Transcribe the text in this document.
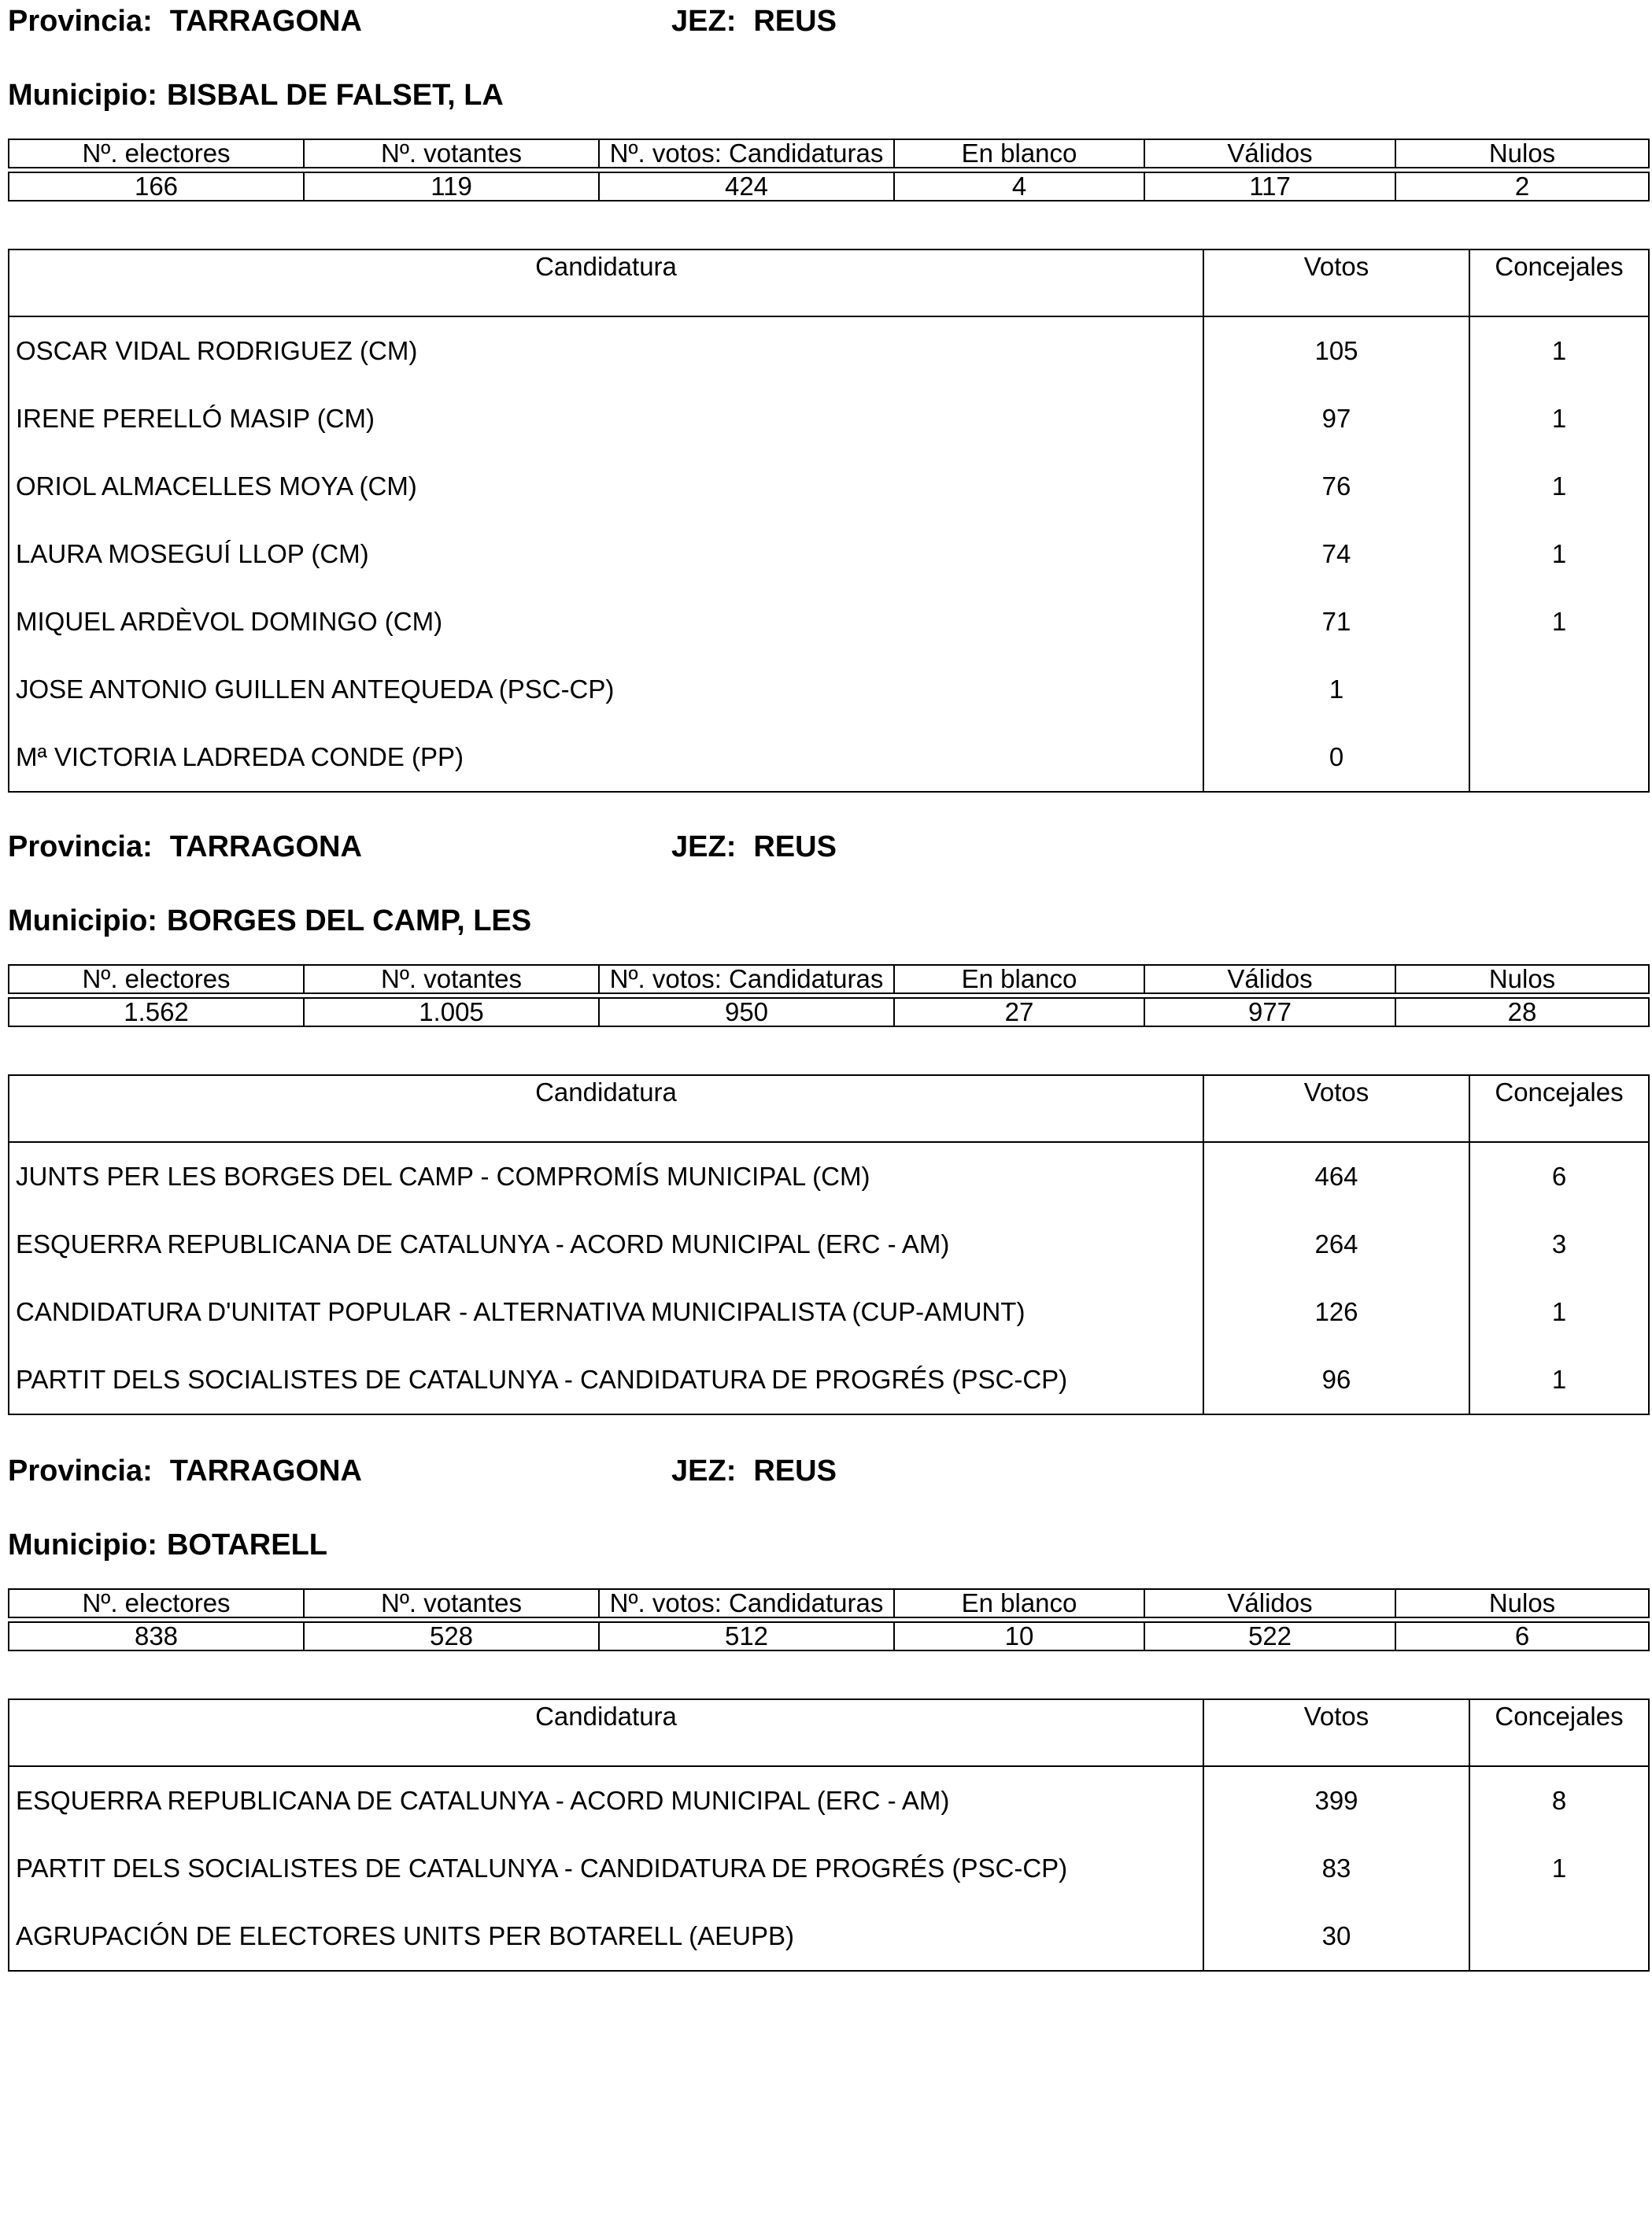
Provincia: TARRAGONA	JEZ: REUS
Municipio: BISBAL DE FALSET, LA
Nº. electores	Nº. votantes	Nº. votos: Candidaturas	En blanco	Válidos	Nulos

166	119	424	4	117	2
Candidatura	Votos	Concejales
OSCAR VIDAL RODRIGUEZ (CM)	105	1
IRENE PERELLÓ MASIP (CM)	97	1
ORIOL ALMACELLES MOYA (CM)	76	1
LAURA MOSEGUÍ LLOP (CM)	74	1
MIQUEL ARDÈVOL DOMINGO (CM)	71	1
JOSE ANTONIO GUILLEN ANTEQUEDA (PSC-CP)	1	
Mª VICTORIA LADREDA CONDE (PP)	0	
Provincia: TARRAGONA	JEZ: REUS
Municipio: BORGES DEL CAMP, LES
Nº. electores	Nº. votantes	Nº. votos: Candidaturas	En blanco	Válidos	Nulos

1.562	1.005	950	27	977	28
Candidatura	Votos	Concejales
JUNTS PER LES BORGES DEL CAMP - COMPROMÍS MUNICIPAL (CM)	464	6
ESQUERRA REPUBLICANA DE CATALUNYA - ACORD MUNICIPAL (ERC - AM)	264	3
CANDIDATURA D'UNITAT POPULAR - ALTERNATIVA MUNICIPALISTA (CUP-AMUNT)	126	1
PARTIT DELS SOCIALISTES DE CATALUNYA - CANDIDATURA DE PROGRÉS (PSC-CP)	96	1
Provincia: TARRAGONA	JEZ: REUS
Municipio: BOTARELL
Nº. electores	Nº. votantes	Nº. votos: Candidaturas	En blanco	Válidos	Nulos

838	528	512	10	522	6
Candidatura	Votos	Concejales
ESQUERRA REPUBLICANA DE CATALUNYA - ACORD MUNICIPAL (ERC - AM)	399	8
PARTIT DELS SOCIALISTES DE CATALUNYA - CANDIDATURA DE PROGRÉS (PSC-CP)	83	1
AGRUPACIÓN DE ELECTORES UNITS PER BOTARELL (AEUPB)	30	
